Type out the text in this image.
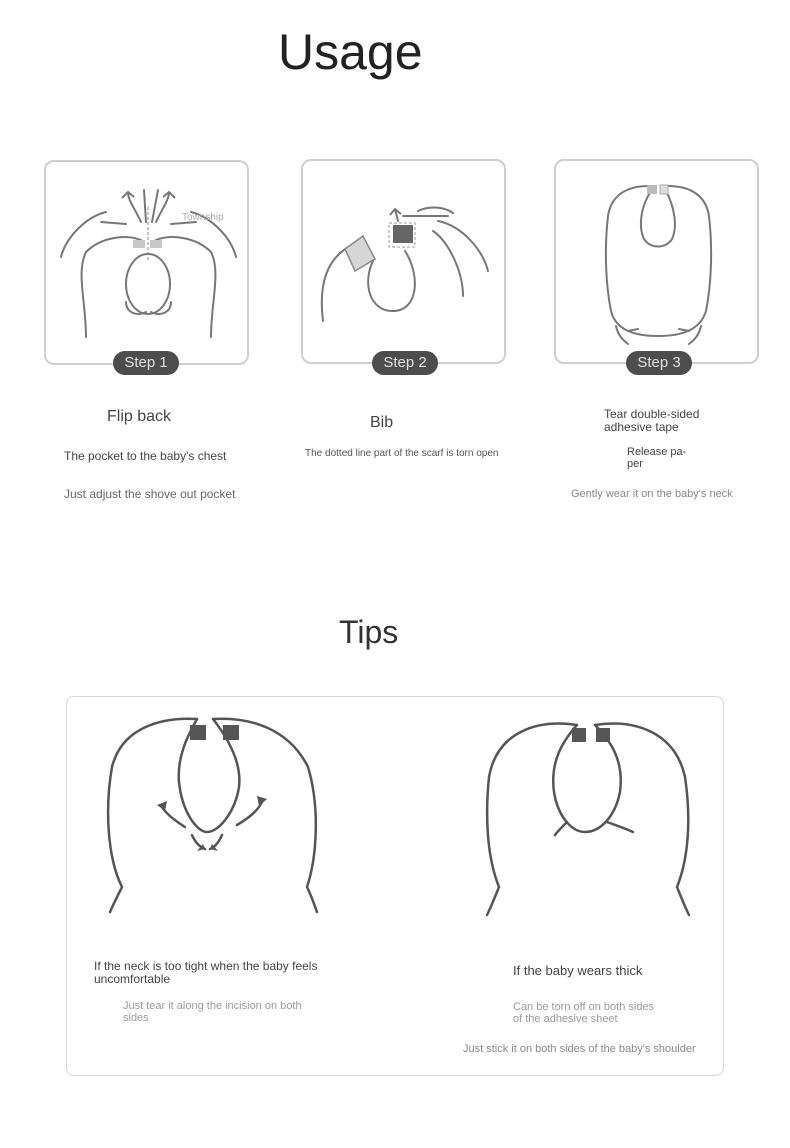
Usage
Township
Step 1	Step 2	Step 3
Flip back
The pocket to the baby's chest
Just adjust the shove out pocket
Bib
The dotted line part of the scarf is torn open
Tear double-sided adhesive tape
Release pa-per
Gently wear it on the baby's neck
Tips
If the neck is too tight when the baby feels uncomfortable
Just tear it along the incision on both sides
If the baby wears thick
Can be torn off on both sides of the adhesive sheet
Just stick it on both sides of the baby's shoulder
